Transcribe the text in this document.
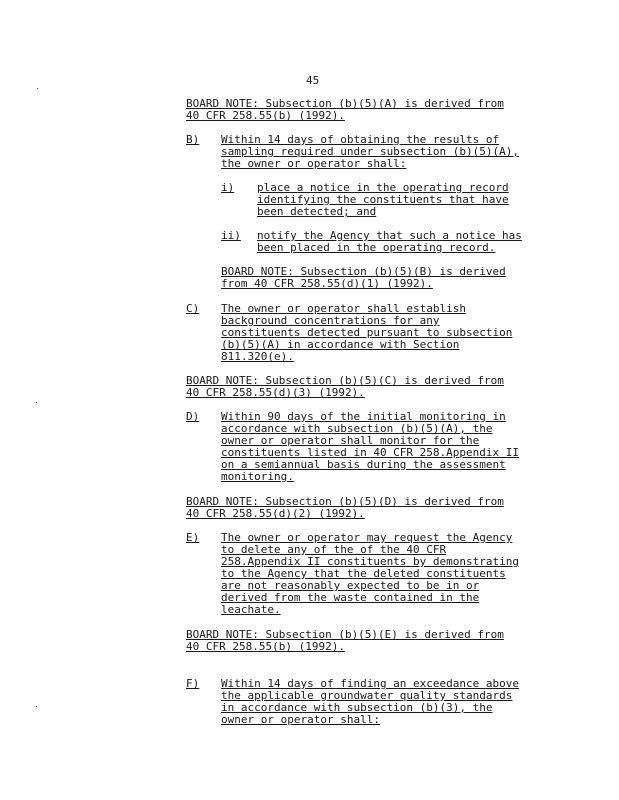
45
BOARD NOTE: Subsection (b)(5)(A) is derived from
40 CFR 258.55(b) (1992).
B) Within 14 days of obtaining the results of
sampling required under subsection (b)(5)(A),
the owner or operator shall:
i) place a notice in the operating record
identifying the constituents that have
been detected; and
ii) notify the Agency that such a notice has
been placed in the operating record.
BOARD NOTE: Subsection (b)(5)(B) is derived
from 40 CFR 258.55(d)(1) (1992).
C) The owner or operator shall establish
background concentrations for any
constituents detected pursuant to subsection
(b)(5)(A) in accordance with Section
811.320(e).
BOARD NOTE: Subsection (b)(5)(C) is derived from
40 CFR 258.55(d)(3) (1992).
D) Within 90 days of the initial monitoring in
accordance with subsection (b)(5)(A), the
owner or operator shall monitor for the
constituents listed in 40 CFR 258.Appendix II
on a semiannual basis during the assessment
monitoring.
BOARD NOTE: Subsection (b)(5)(D) is derived from
40 CFR 258.55(d)(2) (1992).
E) The owner or operator may request the Agency
to delete any of the of the 40 CFR
258.Appendix II constituents by demonstrating
to the Agency that the deleted constituents
are not reasonably expected to be in or
derived from the waste contained in the
leachate.
BOARD NOTE: Subsection (b)(5)(E) is derived from
40 CFR 258.55(b) (1992).
F) Within 14 days of finding an exceedance above
the applicable groundwater quality standards
in accordance with subsection (b)(3), the
owner or operator shall:
